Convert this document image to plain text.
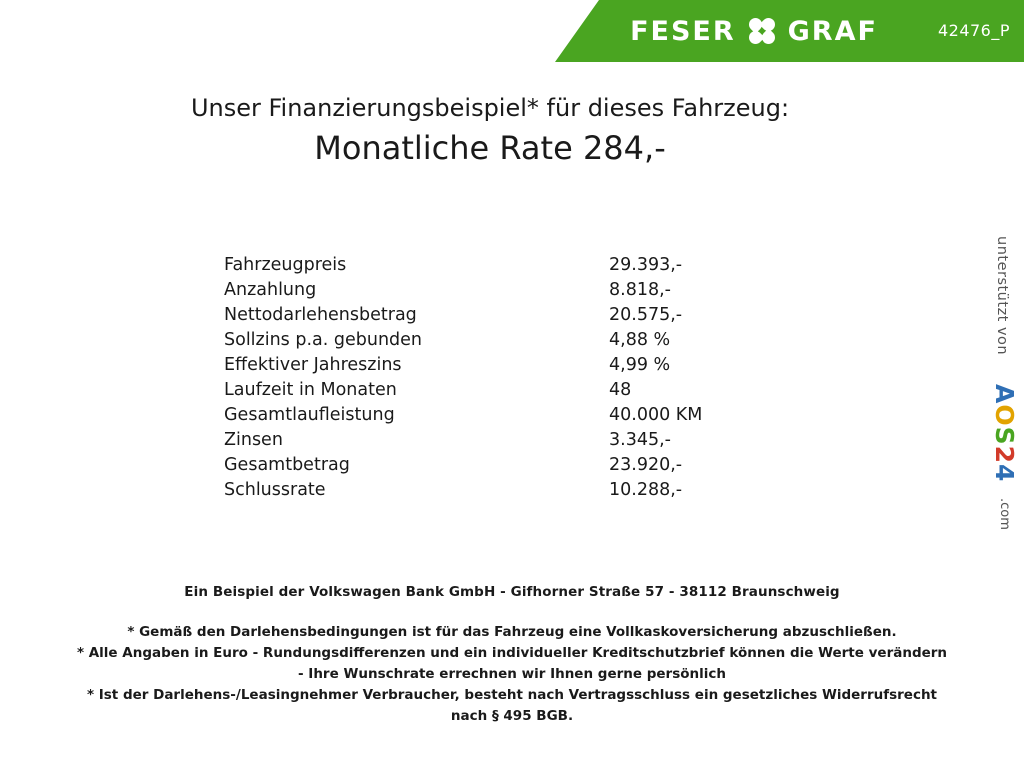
FESER GRAF	42476_P
Unser Finanzierungsbeispiel* für dieses Fahrzeug:
Monatliche Rate 284,-
Fahrzeugpreis	29.393,-
Anzahlung	8.818,-
Nettodarlehensbetrag	20.575,-
Sollzins p.a. gebunden	4,88 %
Effektiver Jahreszins	4,99 %
Laufzeit in Monaten	48
Gesamtlaufleistung	40.000 KM
Zinsen	3.345,-
Gesamtbetrag	23.920,-
Schlussrate	10.288,-
Ein Beispiel der Volkswagen Bank GmbH - Gifhorner Straße 57 - 38112 Braunschweig
* Gemäß den Darlehensbedingungen ist für das Fahrzeug eine Vollkaskoversicherung abzuschließen.
* Alle Angaben in Euro - Rundungsdifferenzen und ein individueller Kreditschutzbrief können die Werte verändern
- Ihre Wunschrate errechnen wir Ihnen gerne persönlich
* Ist der Darlehens-/Leasingnehmer Verbraucher, besteht nach Vertragsschluss ein gesetzliches Widerrufsrecht
nach § 495 BGB.
unterstützt von
AOS24
.com
